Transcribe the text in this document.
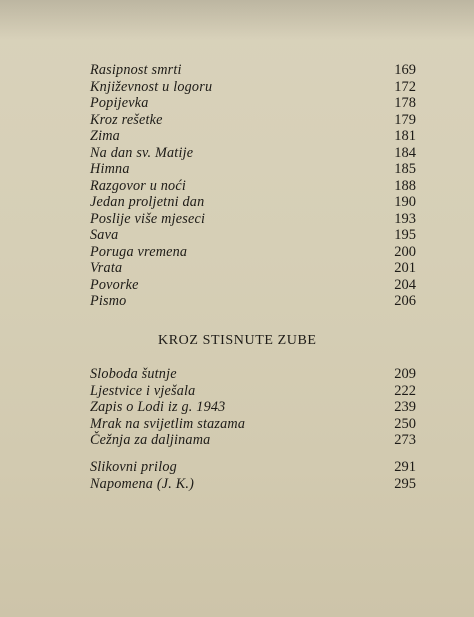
Rasipnost smrti	169
Književnost u logoru	172
Popijevka	178
Kroz rešetke	179
Zima	181
Na dan sv. Matije	184
Himna	185
Razgovor u noći	188
Jedan proljetni dan	190
Poslije više mjeseci	193
Sava	195
Poruga vremena	200
Vrata	201
Povorke	204
Pismo	206
KROZ STISNUTE ZUBE
Sloboda šutnje	209
Ljestvice i vješala	222
Zapis o Lodi iz g. 1943	239
Mrak na svijetlim stazama	250
Čežnja za daljinama	273
Slikovni prilog	291
Napomena (J. K.)	295
